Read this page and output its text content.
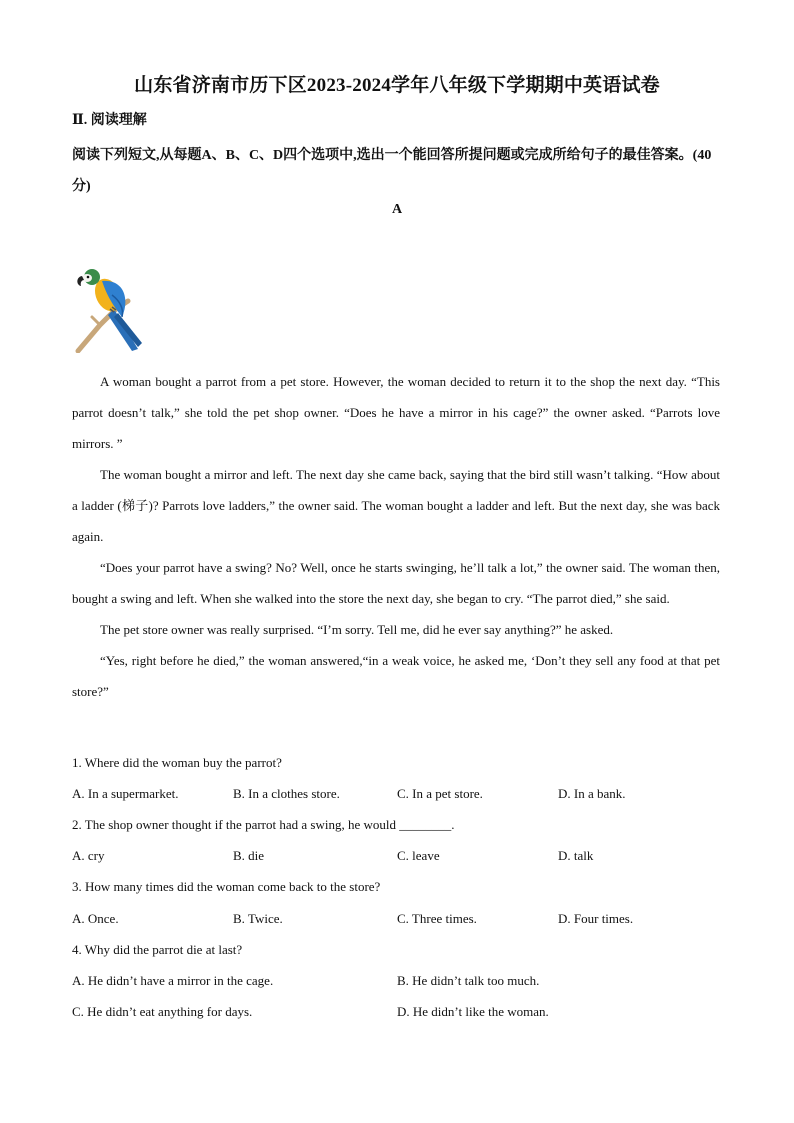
山东省济南市历下区2023-2024学年八年级下学期期中英语试卷
Ⅱ. 阅读理解
阅读下列短文,从每题A、B、C、D四个选项中,选出一个能回答所提问题或完成所给句子的最佳答案。(40分)
A

A woman bought a parrot from a pet store. However, the woman decided to return it to the shop the next day. “This parrot doesn’t talk,” she told the pet shop owner. “Does he have a mirror in his cage?” the owner asked. “Parrots love mirrors. ”

The woman bought a mirror and left. The next day she came back, saying that the bird still wasn’t talking. “How about a ladder (梯子)? Parrots love ladders,” the owner said. The woman bought a ladder and left. But the next day, she was back again.

“Does your parrot have a swing? No? Well, once he starts swinging, he’ll talk a lot,” the owner said. The woman then, bought a swing and left. When she walked into the store the next day, she began to cry. “The parrot died,” she said.

The pet store owner was really surprised. “I’m sorry. Tell me, did he ever say anything?” he asked.

“Yes, right before he died,” the woman answered,“in a weak voice, he asked me, ‘Don’t they sell any food at that pet store?”

1. Where did the woman buy the parrot?
A. In a supermarket.	B. In a clothes store.	C. In a pet store.	D. In a bank.
2. The shop owner thought if the parrot had a swing, he would ________.
A. cry	B. die	C. leave	D. talk
3. How many times did the woman come back to the store?
A. Once.	B. Twice.	C. Three times.	D. Four times.
4. Why did the parrot die at last?
A. He didn’t have a mirror in the cage.	B. He didn’t talk too much.
C. He didn’t eat anything for days.	D. He didn’t like the woman.
